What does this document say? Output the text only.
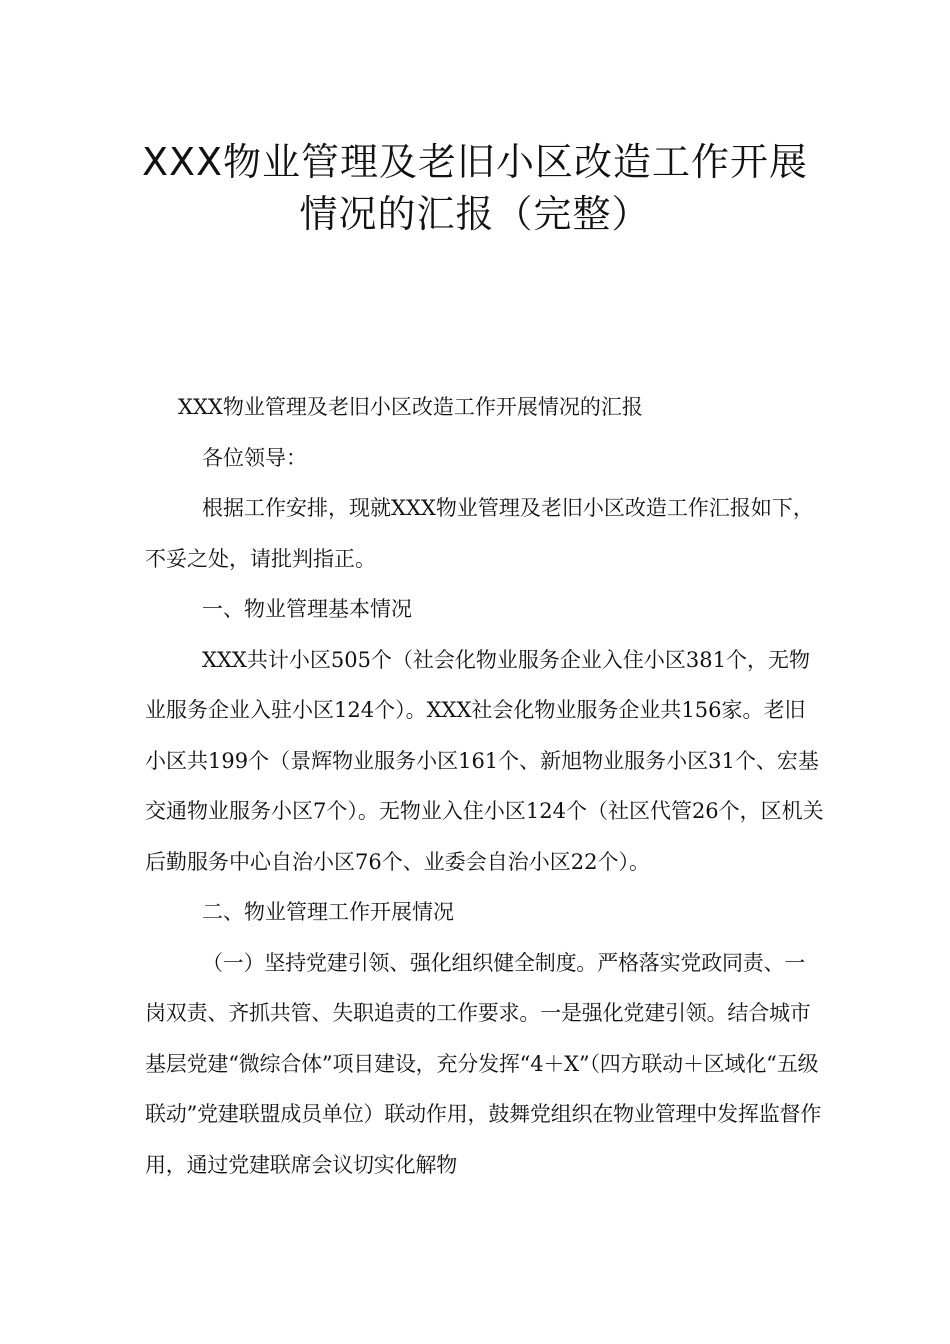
XXX物业管理及老旧小区改造工作开展
情况的汇报（完整）

XXX物业管理及老旧小区改造工作开展情况的汇报

各位领导：

根据工作安排，现就XXX物业管理及老旧小区改造工作汇报如下，不妥之处，请批判指正。

一、物业管理基本情况

XXX共计小区505个（社会化物业服务企业入住小区381个，无物业服务企业入驻小区124个）。XXX社会化物业服务企业共156家。老旧小区共199个（景辉物业服务小区161个、新旭物业服务小区31个、宏基交通物业服务小区7个）。无物业入住小区124个（社区代管26个，区机关后勤服务中心自治小区76个、业委会自治小区22个）。

二、物业管理工作开展情况

（一）坚持党建引领、强化组织健全制度。严格落实党政同责、一岗双责、齐抓共管、失职追责的工作要求。一是强化党建引领。结合城市基层党建“微综合体”项目建设，充分发挥“4＋X”（四方联动＋区域化“五级联动”党建联盟成员单位）联动作用，鼓舞党组织在物业管理中发挥监督作用，通过党建联席会议切实化解物
